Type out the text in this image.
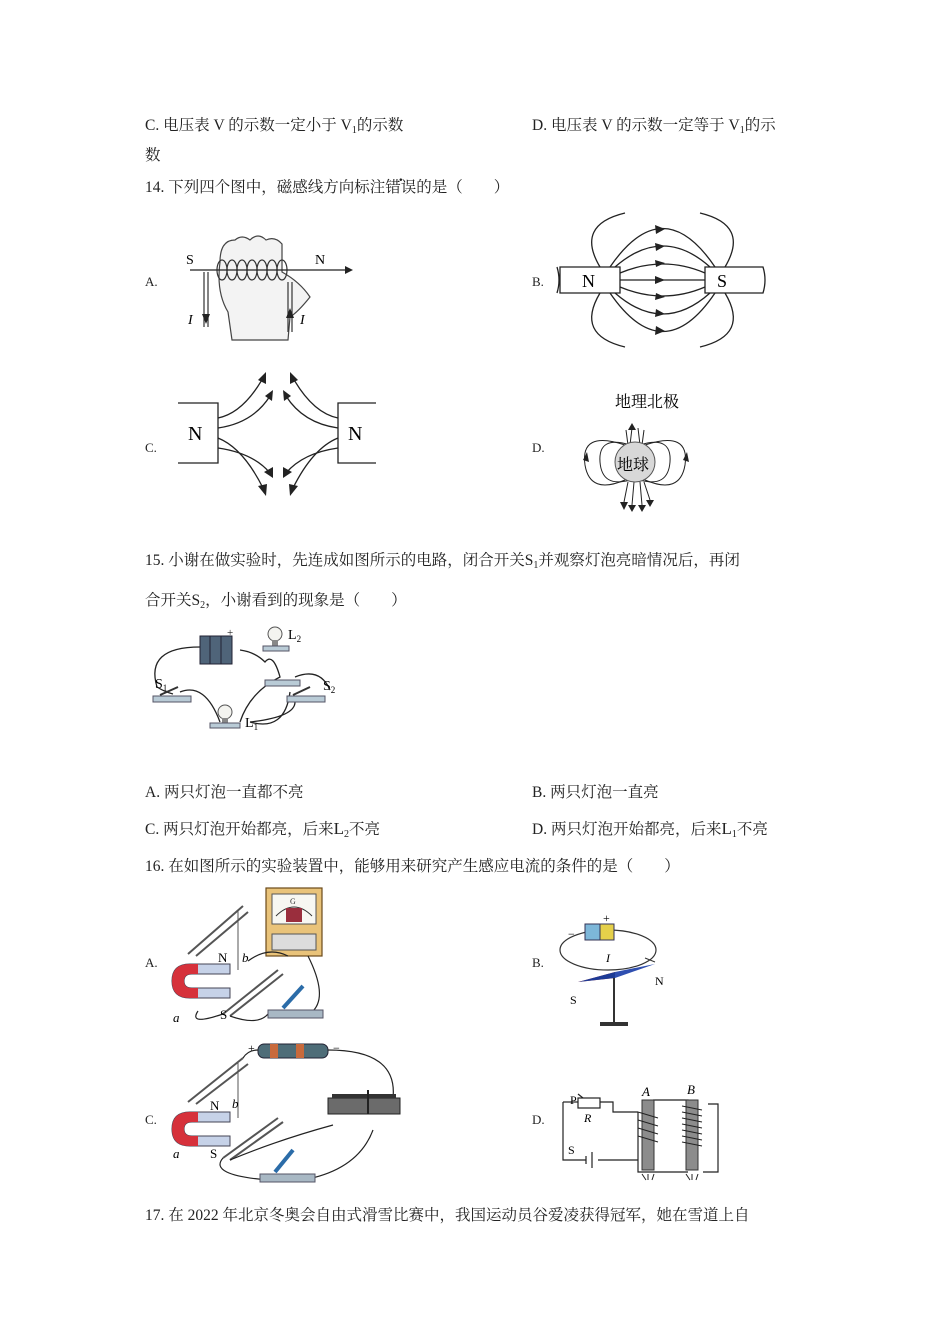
C. 电压表 V 的示数一定小于 $V_1$的示数
数
D. 电压表 V 的示数一定等于 $V_1$的示
14. 下列四个图中，磁感线方向标注错误的是（　　）
A.	B.
C.	D.
S	N
I	I
N	S
N	N
地理北极
地球
15. 小谢在做实验时，先连成如图所示的电路，闭合开关$S_1$并观察灯泡亮暗情况后，再闭
合开关$S_2$，小谢看到的现象是（　　）
+	$L_2$
$S_1$	$S_2$
$L_1$
A. 两只灯泡一直都不亮	B. 两只灯泡一直亮
C. 两只灯泡开始都亮，后来$L_2$不亮	D. 两只灯泡开始都亮，后来$L_1$不亮
16. 在如图所示的实验装置中，能够用来研究产生感应电流的条件的是（　　）
A.	B.
C.	D.
G
N
S
a
b
+
−
I
N
S
+	−
N
S
a
b	P
R
S
A	B
17. 在 2022 年北京冬奥会自由式滑雪比赛中，我国运动员谷爱凌获得冠军，她在雪道上自
